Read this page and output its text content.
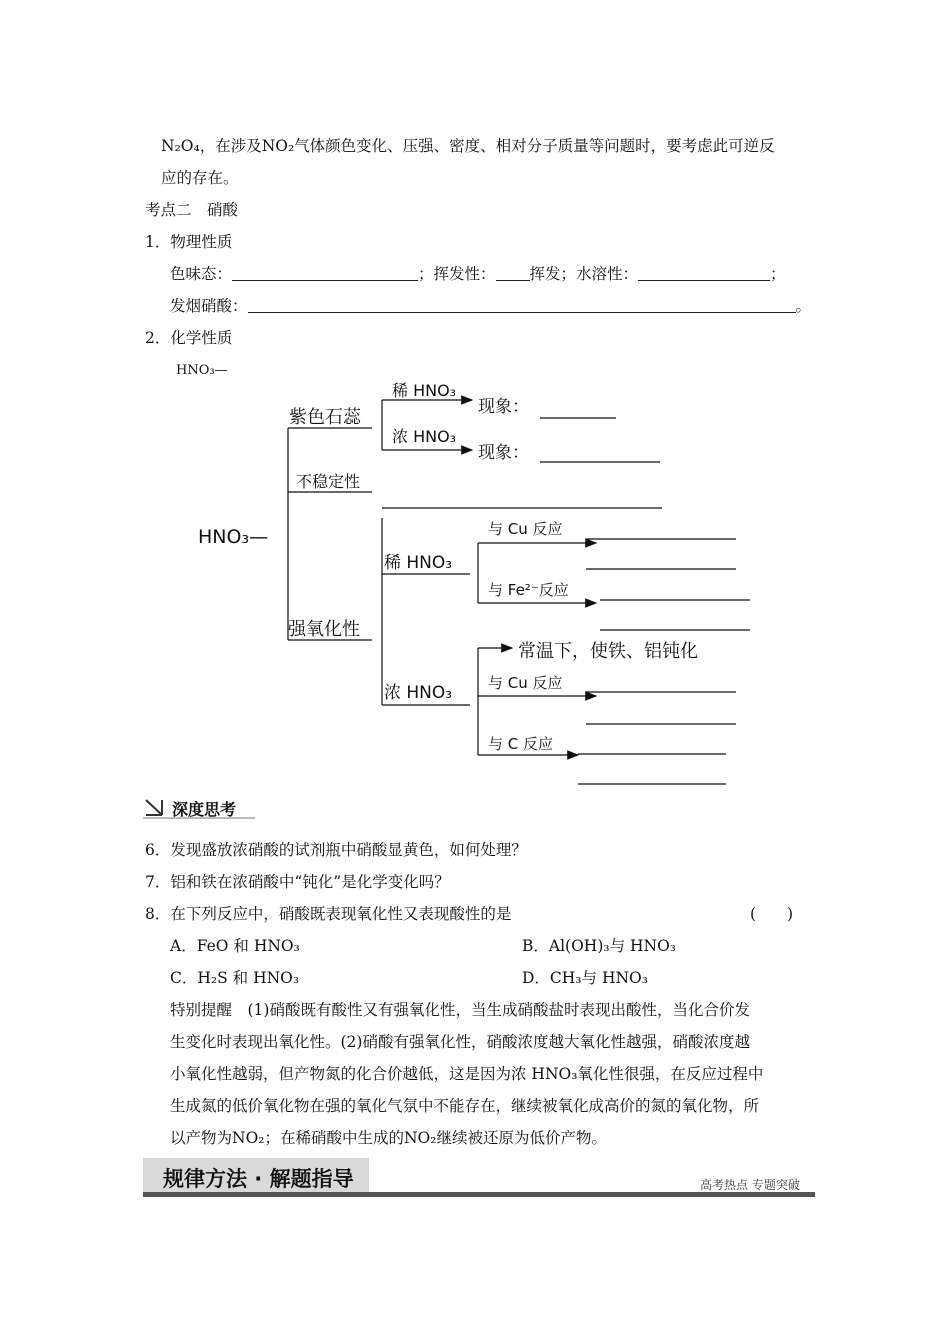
N₂O₄，在涉及NO₂气体颜色变化、压强、密度、相对分子质量等问题时，要考虑此可逆反
应的存在。
考点二　硝酸
1．物理性质
色味态：	；挥发性： 挥发；水溶性：	；
发烟硝酸：	。
2．化学性质
HNO₃—
HNO₃—
紫色石蕊
稀 HNO₃
浓 HNO₃
现象：
现象：
不稳定性
强氧化性
稀 HNO₃
浓 HNO₃
与 Cu 反应
与 Fe²⁻反应
常温下，使铁、铝钝化
与 Cu 反应
与 C 反应
深度思考
6．发现盛放浓硝酸的试剂瓶中硝酸显黄色，如何处理？
7．铝和铁在浓硝酸中“钝化”是化学变化吗？
8．在下列反应中，硝酸既表现氧化性又表现酸性的是	(　　)
A．FeO 和 HNO₃	B．Al(OH)₃与 HNO₃
C．H₂S 和 HNO₃	D．CH₃与 HNO₃
特别提醒　(1)硝酸既有酸性又有强氧化性，当生成硝酸盐时表现出酸性，当化合价发
生变化时表现出氧化性。(2)硝酸有强氧化性，硝酸浓度越大氧化性越强，硝酸浓度越
小氧化性越弱，但产物氮的化合价越低，这是因为浓 HNO₃氧化性很强，在反应过程中
生成氮的低价氧化物在强的氧化气氛中不能存在，继续被氧化成高价的氮的氧化物，所
以产物为NO₂；在稀硝酸中生成的NO₂继续被还原为低价产物。
规律方法 · 解题指导	高考热点 专题突破
